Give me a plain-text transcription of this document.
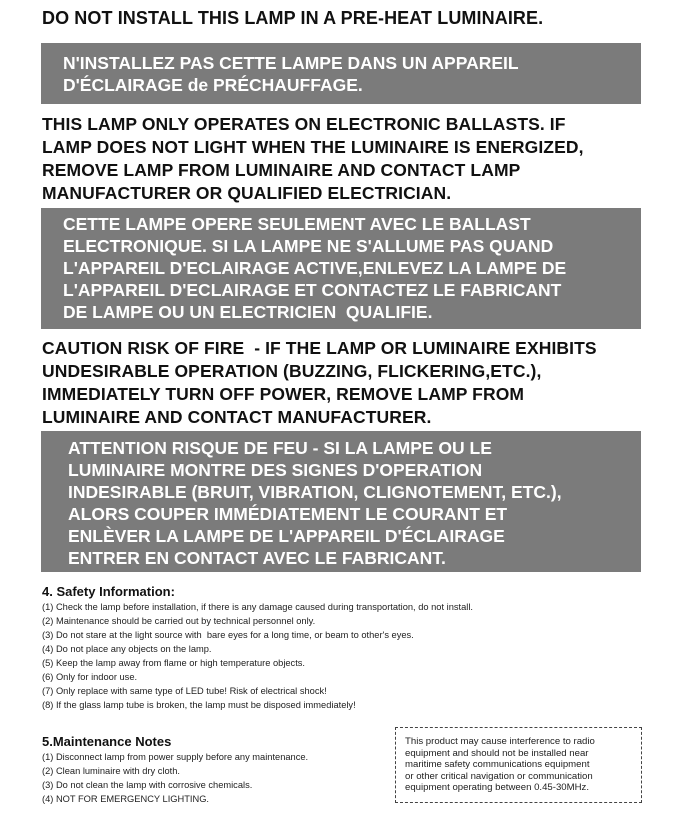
DO NOT INSTALL THIS LAMP IN A PRE-HEAT LUMINAIRE.
N'INSTALLEZ PAS CETTE LAMPE DANS UN APPAREIL
D'ÉCLAIRAGE de PRÉCHAUFFAGE.
THIS LAMP ONLY OPERATES ON ELECTRONIC BALLASTS. IF
LAMP DOES NOT LIGHT WHEN THE LUMINAIRE IS ENERGIZED,
REMOVE LAMP FROM LUMINAIRE AND CONTACT LAMP
MANUFACTURER OR QUALIFIED ELECTRICIAN.
CETTE LAMPE OPERE SEULEMENT AVEC LE BALLAST
ELECTRONIQUE. SI LA LAMPE NE S'ALLUME PAS QUAND
L'APPAREIL D'ECLAIRAGE ACTIVE,ENLEVEZ LA LAMPE DE
L'APPAREIL D'ECLAIRAGE ET CONTACTEZ LE FABRICANT
DE LAMPE OU UN ELECTRICIEN  QUALIFIE.
CAUTION RISK OF FIRE  - IF THE LAMP OR LUMINAIRE EXHIBITS
UNDESIRABLE OPERATION (BUZZING, FLICKERING,ETC.),
IMMEDIATELY TURN OFF POWER, REMOVE LAMP FROM
LUMINAIRE AND CONTACT MANUFACTURER.
ATTENTION RISQUE DE FEU - SI LA LAMPE OU LE
LUMINAIRE MONTRE DES SIGNES D'OPERATION
INDESIRABLE (BRUIT, VIBRATION, CLIGNOTEMENT, ETC.),
ALORS COUPER IMMÉDIATEMENT LE COURANT ET
ENLÈVER LA LAMPE DE L'APPAREIL D'ÉCLAIRAGE
ENTRER EN CONTACT AVEC LE FABRICANT.
4. Safety Information:
(1) Check the lamp before installation, if there is any damage caused during transportation, do not install.
(2) Maintenance should be carried out by technical personnel only.
(3) Do not stare at the light source with  bare eyes for a long time, or beam to other's eyes.
(4) Do not place any objects on the lamp.
(5) Keep the lamp away from flame or high temperature objects.
(6) Only for indoor use.
(7) Only replace with same type of LED tube! Risk of electrical shock!
(8) If the glass lamp tube is broken, the lamp must be disposed immediately!
5.Maintenance Notes
(1) Disconnect lamp from power supply before any maintenance.
(2) Clean luminaire with dry cloth.
(3) Do not clean the lamp with corrosive chemicals.
(4) NOT FOR EMERGENCY LIGHTING.
This product may cause interference to radio
equipment and should not be installed near
maritime safety communications equipment
or other critical navigation or communication
equipment operating between 0.45-30MHz.
